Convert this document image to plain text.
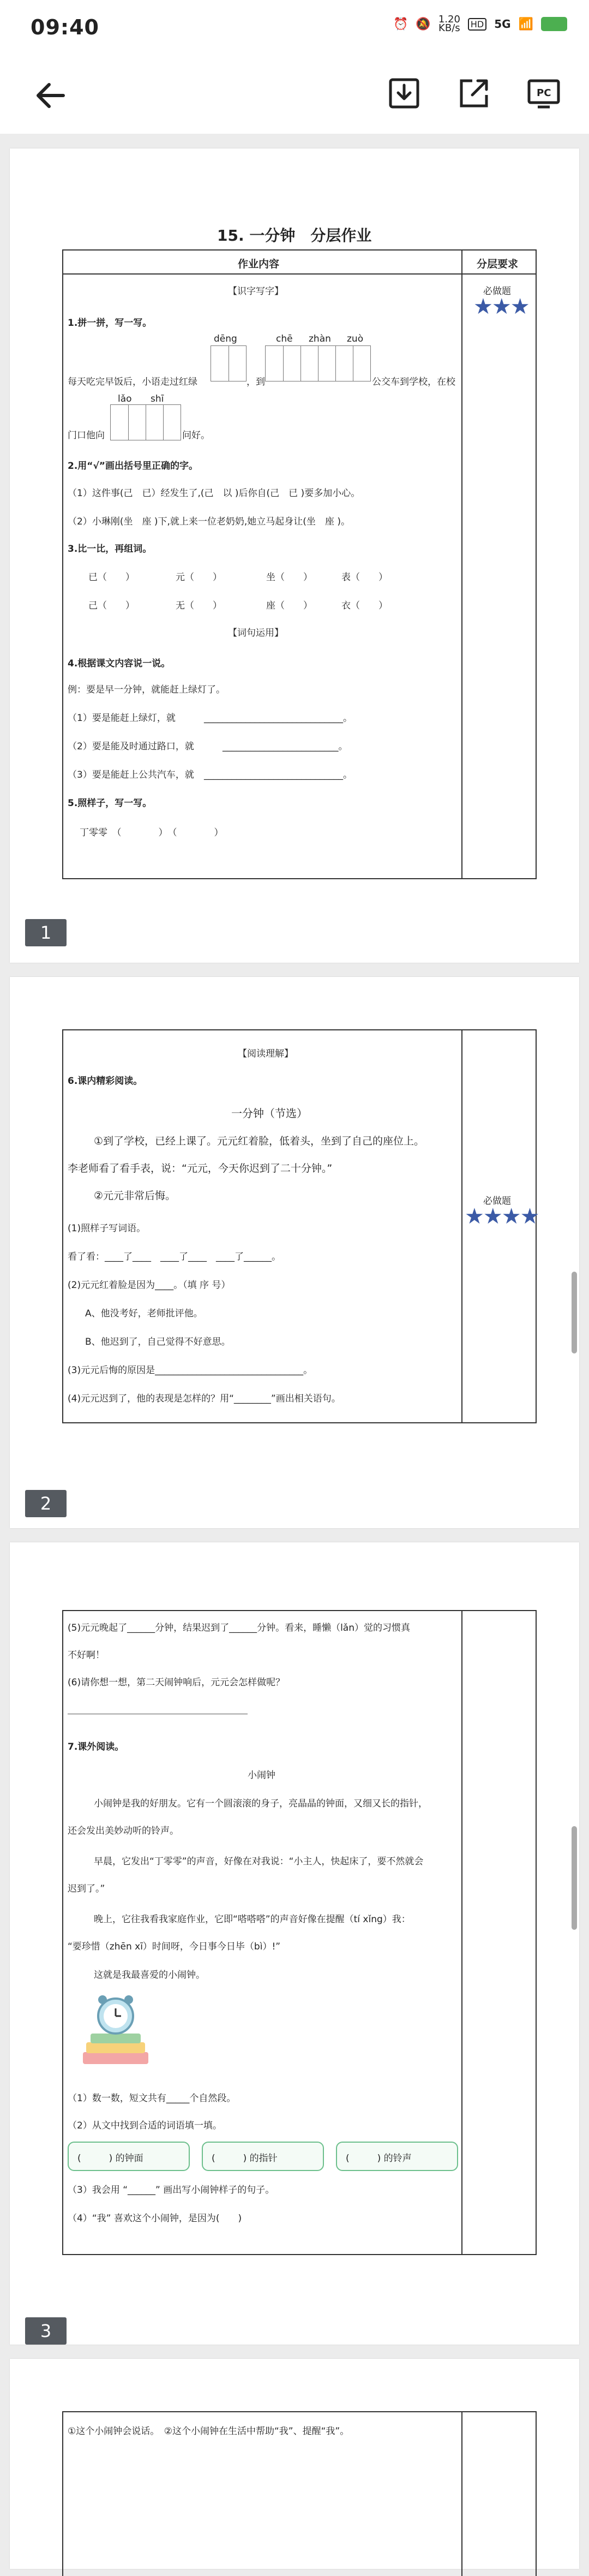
09:40	⏰ 🔕 1.20
KB/s	HD 5G 📶
PC
15. 一分钟　分层作业
作业内容	分层要求
【识字写字】	必做题
★★★
1.拼一拼，写一写。
dēng	chē zhàn zuò
每天吃完早饭后，小语走过红绿	，到	公交车到学校，在校
lǎo shī
门口他向	问好。
2.用“√”画出括号里正确的字。
（1）这件事(己　已）经发生了,(己　以 )后你自(己　已 )要多加小心。
（2）小琳刚(坐　座 )下,就上来一位老奶奶,她立马起身让(坐　座 )。
3.比一比，再组词。
已（　　）	元（　　）	坐（　　）	表（　　）
己（　　）	无（　　）	座（　　）	衣（　　）
【词句运用】
4.根据课文内容说一说。
例：要是早一分钟，就能赶上绿灯了。
（1）要是能赶上绿灯，就	______________________________。
（2）要是能及时通过路口，就	_________________________。
（3）要是能赶上公共汽车，就 ______________________________。
5.照样子，写一写。
丁零零　（　　　　）　（　　　　）
1
【阅读理解】
6.课内精彩阅读。
一分钟（节选）
①到了学校，已经上课了。元元红着脸，低着头，坐到了自己的座位上。
李老师看了看手表，说：“元元，今天你迟到了二十分钟。”
②元元非常后悔。	必做题
★★★★
(1)照样子写词语。
看了看：____了____　____了____　____了______。
(2)元元红着脸是因为____。（填 序 号）
A、他没考好，老师批评他。
B、他迟到了，自己觉得不好意思。
(3)元元后悔的原因是________________________________。
(4)元元迟到了，他的表现是怎样的？用“________”画出相关语句。
2
(5)元元晚起了______分钟，结果迟到了______分钟。看来，睡懒（lǎn）觉的习惯真
不好啊！
(6)请你想一想，第二天闹钟响后，元元会怎样做呢？
7.课外阅读。
小闹钟
小闹钟是我的好朋友。它有一个圆滚滚的身子，亮晶晶的钟面，又细又长的指针，
还会发出美妙动听的铃声。
早晨，它发出“丁零零”的声音，好像在对我说：“小主人，快起床了，要不然就会
迟到了。”
晚上，它往我看我家庭作业，它即“嗒嗒嗒”的声音好像在提醒（tí xǐng）我：
“要珍惜（zhēn xī）时间呀，今日事今日毕（bì）!”
这就是我最喜爱的小闹钟。
（1）数一数，短文共有_____个自然段。
（2）从文中找到合适的词语填一填。
(　　　) 的钟面	(　　　) 的指针	(　　　) 的铃声
（3）我会用 “______” 画出写小闹钟样子的句子。
（4）“我” 喜欢这个小闹钟，是因为(　　)
3
①这个小闹钟会说话。　②这个小闹钟在生活中帮助“我”、提醒“我”。
